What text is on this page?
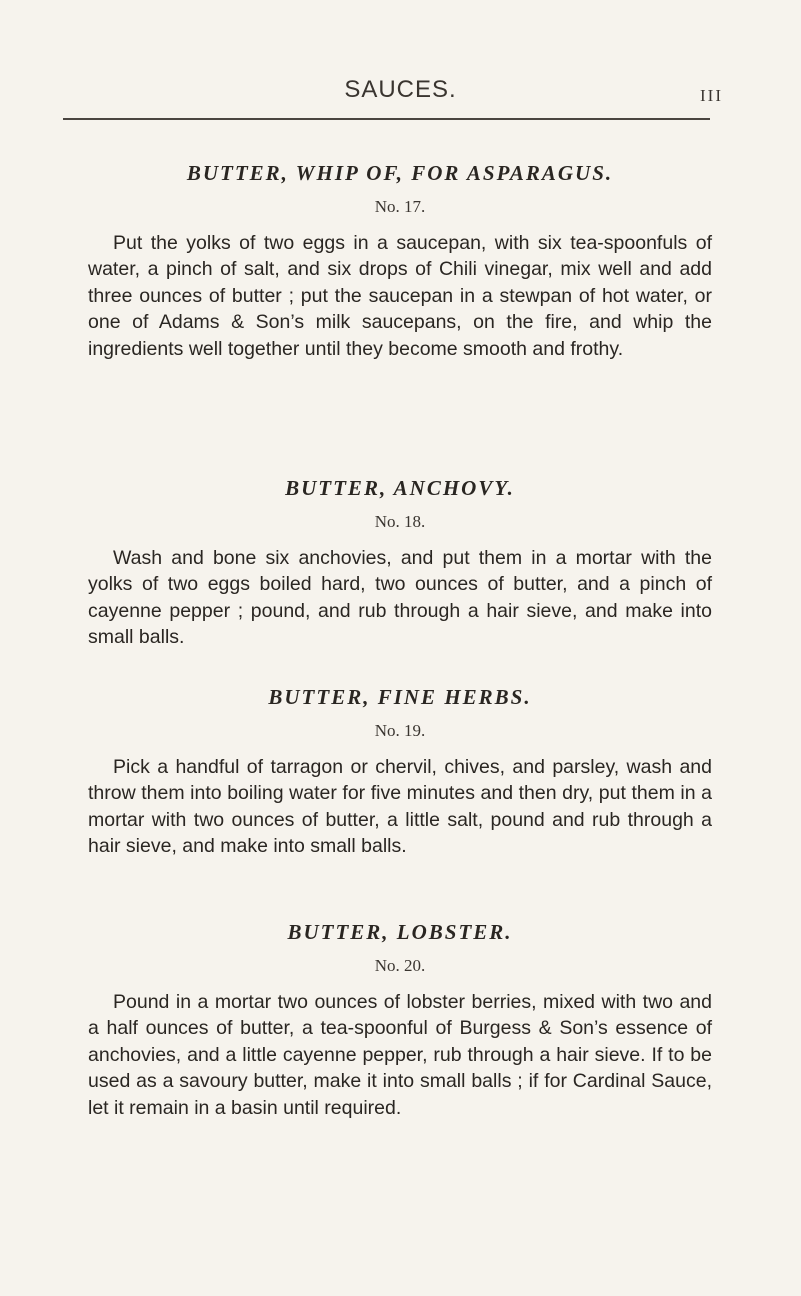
SAUCES.	III
BUTTER, WHIP OF, FOR ASPARAGUS.
No. 17.

Put the yolks of two eggs in a saucepan, with six tea-spoonfuls of water, a pinch of salt, and six drops of Chili vinegar, mix well and add three ounces of butter ; put the saucepan in a stewpan of hot water, or one of Adams & Son’s milk saucepans, on the fire, and whip the ingredients well together until they become smooth and frothy.

BUTTER, ANCHOVY.
No. 18.

Wash and bone six anchovies, and put them in a mortar with the yolks of two eggs boiled hard, two ounces of butter, and a pinch of cayenne pepper ; pound, and rub through a hair sieve, and make into small balls.

BUTTER, FINE HERBS.
No. 19.

Pick a handful of tarragon or chervil, chives, and parsley, wash and throw them into boiling water for five minutes and then dry, put them in a mortar with two ounces of butter, a little salt, pound and rub through a hair sieve, and make into small balls.

BUTTER, LOBSTER.
No. 20.

Pound in a mortar two ounces of lobster berries, mixed with two and a half ounces of butter, a tea-spoonful of Burgess & Son’s essence of anchovies, and a little cayenne pepper, rub through a hair sieve. If to be used as a savoury butter, make it into small balls ; if for Cardinal Sauce, let it remain in a basin until required.
